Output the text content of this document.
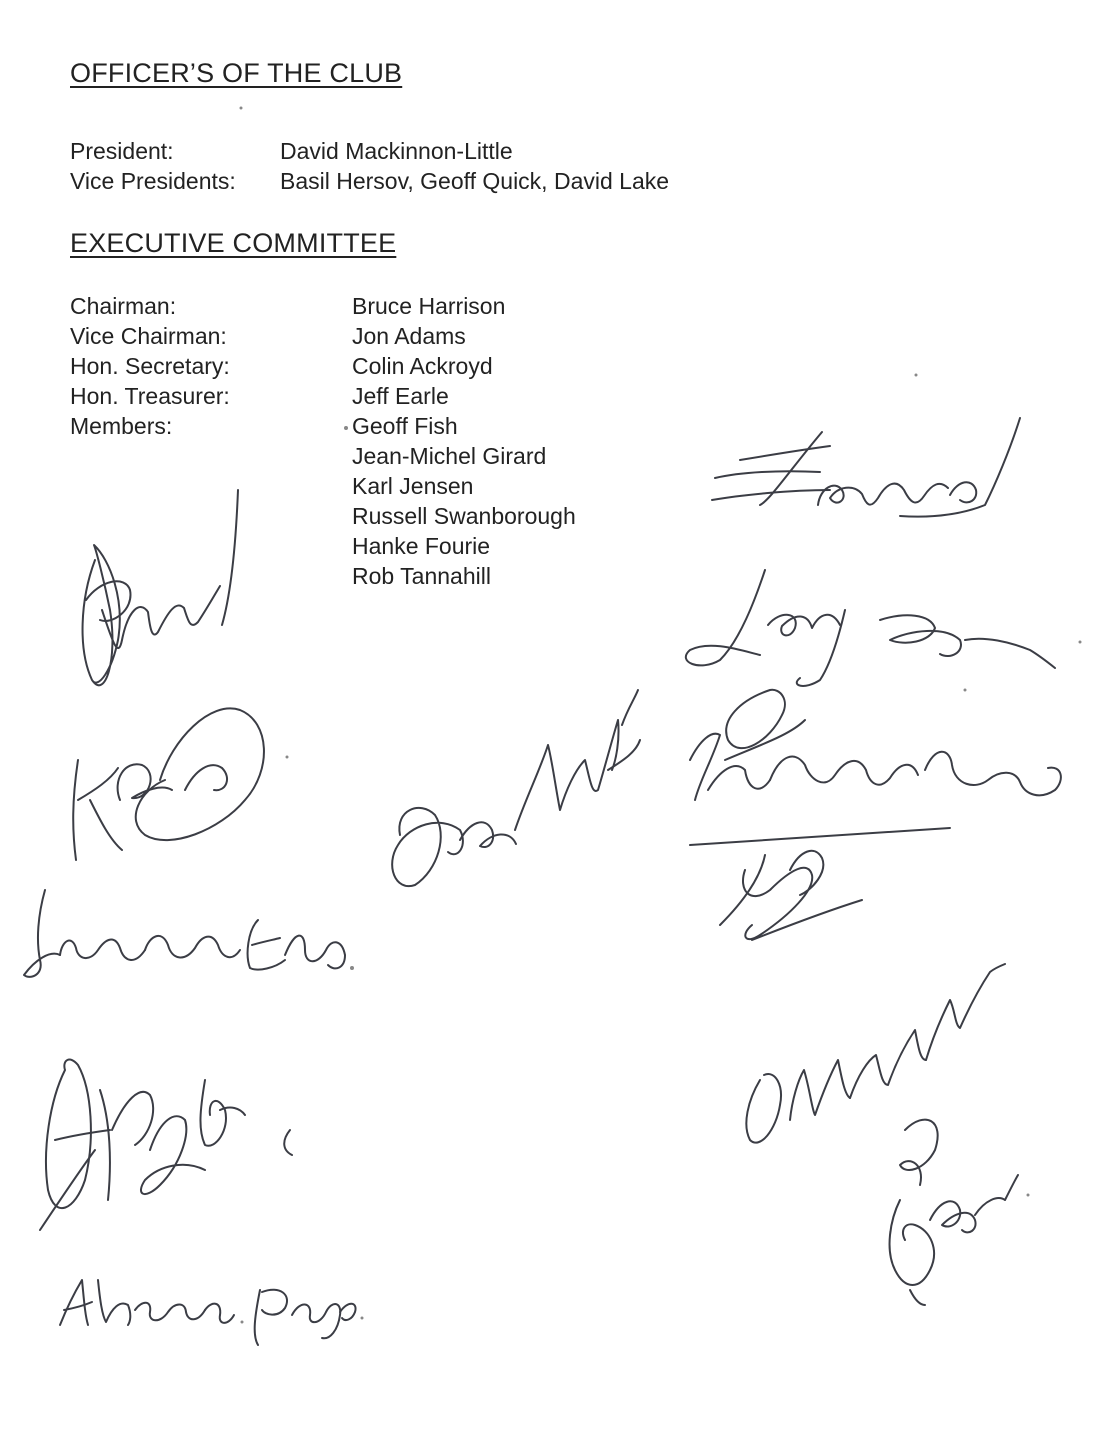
OFFICER’S OF THE CLUB
President:	David Mackinnon-Little
Vice Presidents: Basil Hersov, Geoff Quick, David Lake
EXECUTIVE COMMITTEE
Chairman:	Bruce Harrison
Vice Chairman:	Jon Adams
Hon. Secretary:	Colin Ackroyd
Hon. Treasurer:	Jeff Earle
Members:	Geoff Fish
Jean-Michel Girard
Karl Jensen
Russell Swanborough
Hanke Fourie
Rob Tannahill
